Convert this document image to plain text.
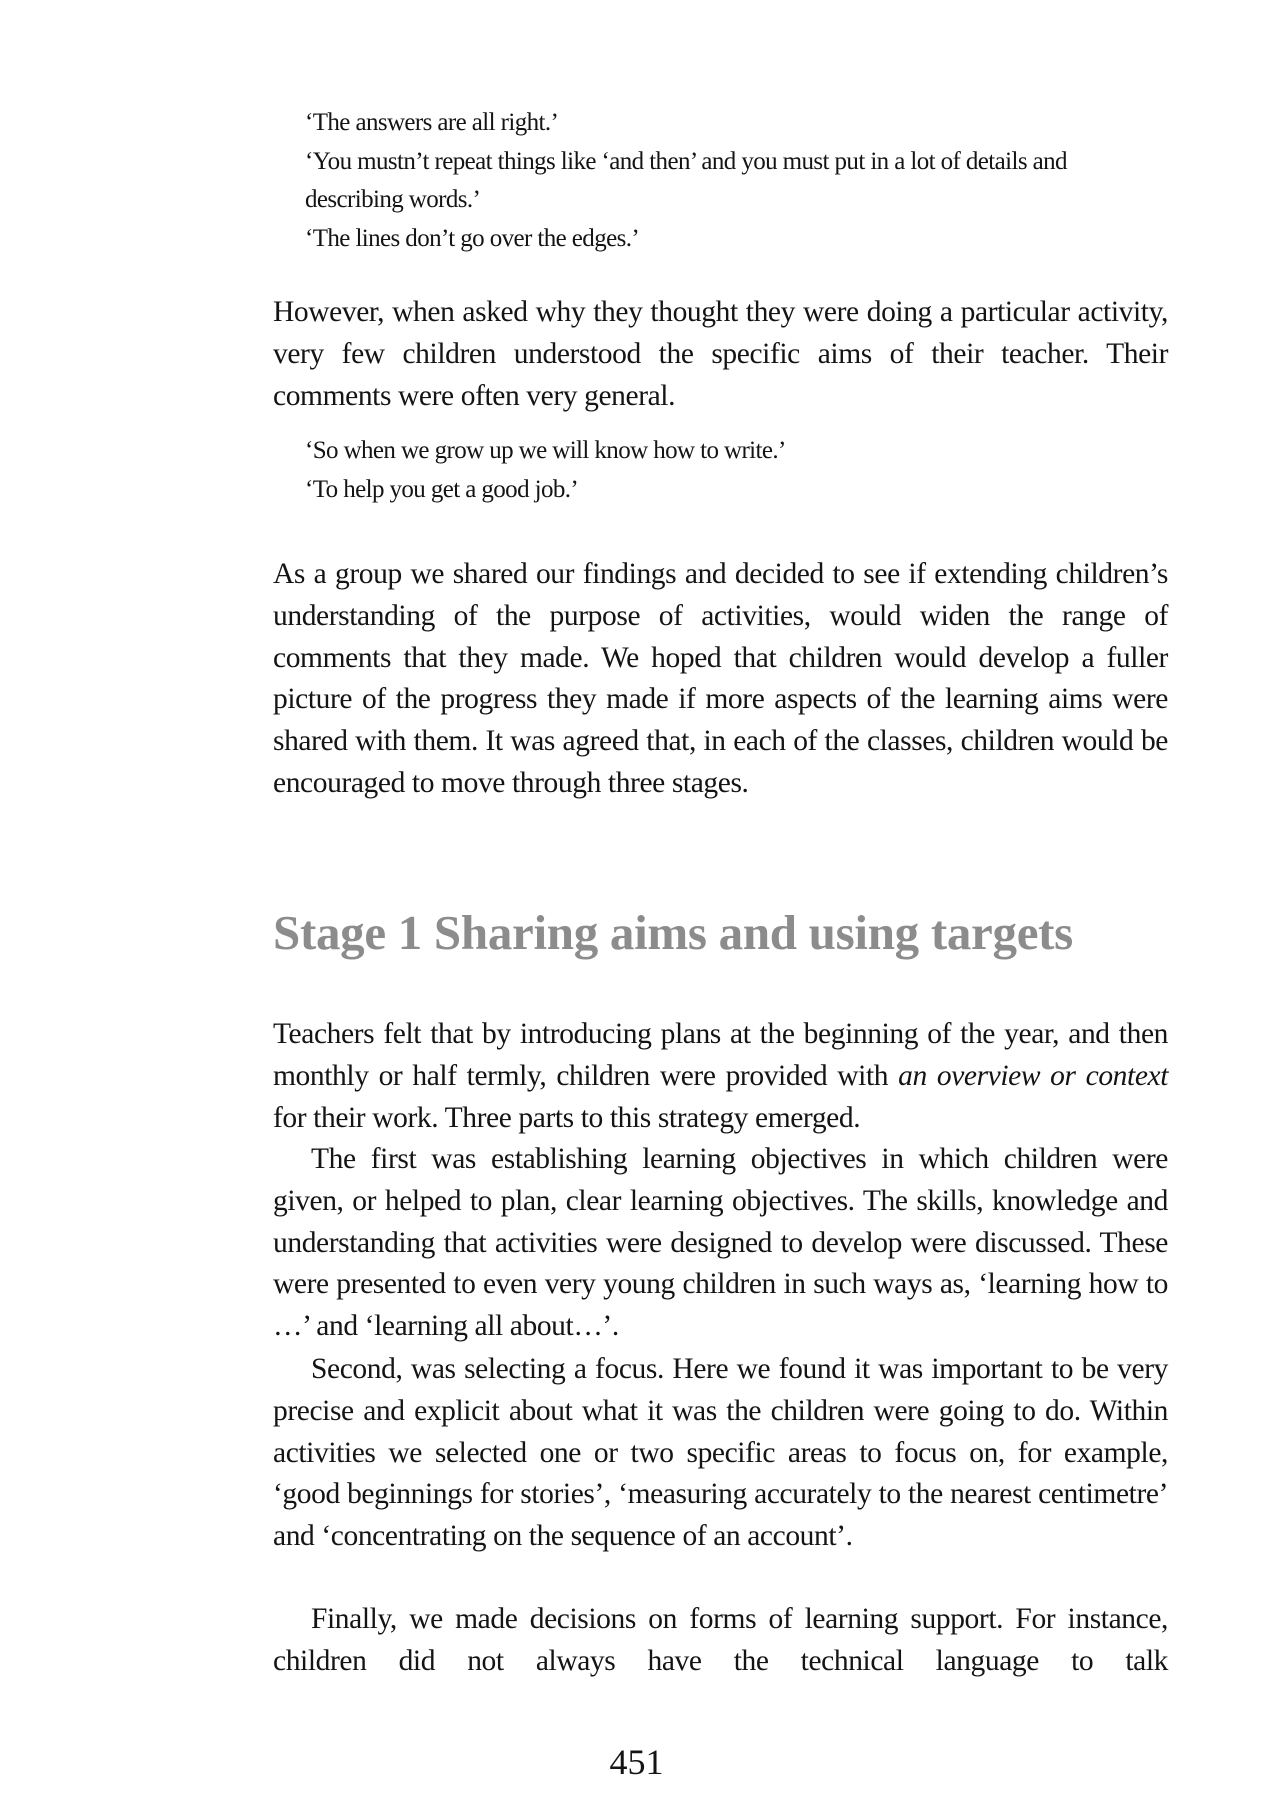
‘The answers are all right.’

‘You mustn’t repeat things like ‘and then’ and you must put in a lot of details and describing words.’

‘The lines don’t go over the edges.’

However, when asked why they thought they were doing a particular activity, very few children understood the specific aims of their teacher. Their comments were often very general.

‘So when we grow up we will know how to write.’

‘To help you get a good job.’

As a group we shared our findings and decided to see if extending children’s understanding of the purpose of activities, would widen the range of comments that they made. We hoped that children would develop a fuller picture of the progress they made if more aspects of the learning aims were shared with them. It was agreed that, in each of the classes, children would be encouraged to move through three stages.

Stage 1 Sharing aims and using targets

Teachers felt that by introducing plans at the beginning of the year, and then monthly or half termly, children were provided with an overview or context for their work. Three parts to this strategy emerged.

The first was establishing learning objectives in which children were given, or helped to plan, clear learning objectives. The skills, knowledge and understanding that activities were designed to develop were discussed. These were presented to even very young children in such ways as, ‘learning how to …’ and ‘learning all about…’.

Second, was selecting a focus. Here we found it was important to be very precise and explicit about what it was the children were going to do. Within activities we selected one or two specific areas to focus on, for example, ‘good beginnings for stories’, ‘measuring accurately to the nearest centimetre’ and ‘concentrating on the sequence of an account’.

Finally, we made decisions on forms of learning support. For instance, children did not always have the technical language to talk

451
